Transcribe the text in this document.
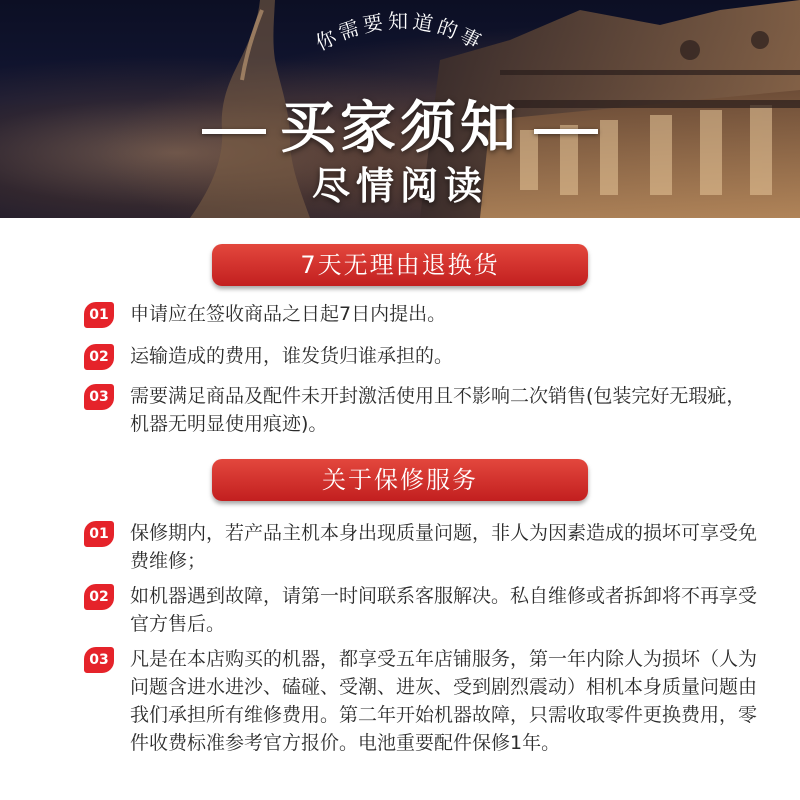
你需要知道的事
买家须知
尽情阅读
7天无理由退换货
01 申请应在签收商品之日起7日内提出。
02 运输造成的费用，谁发货归谁承担的。
03 需要满足商品及配件未开封激活使用且不影响二次销售(包装完好无瑕疵，机器无明显使用痕迹)。
关于保修服务
01 保修期内，若产品主机本身出现质量问题，非人为因素造成的损坏可享受免费维修；
02 如机器遇到故障，请第一时间联系客服解决。私自维修或者拆卸将不再享受官方售后。
03 凡是在本店购买的机器，都享受五年店铺服务，第一年内除人为损坏（人为问题含进水进沙、磕碰、受潮、进灰、受到剧烈震动）相机本身质量问题由我们承担所有维修费用。第二年开始机器故障，只需收取零件更换费用，零件收费标准参考官方报价。电池重要配件保修1年。
